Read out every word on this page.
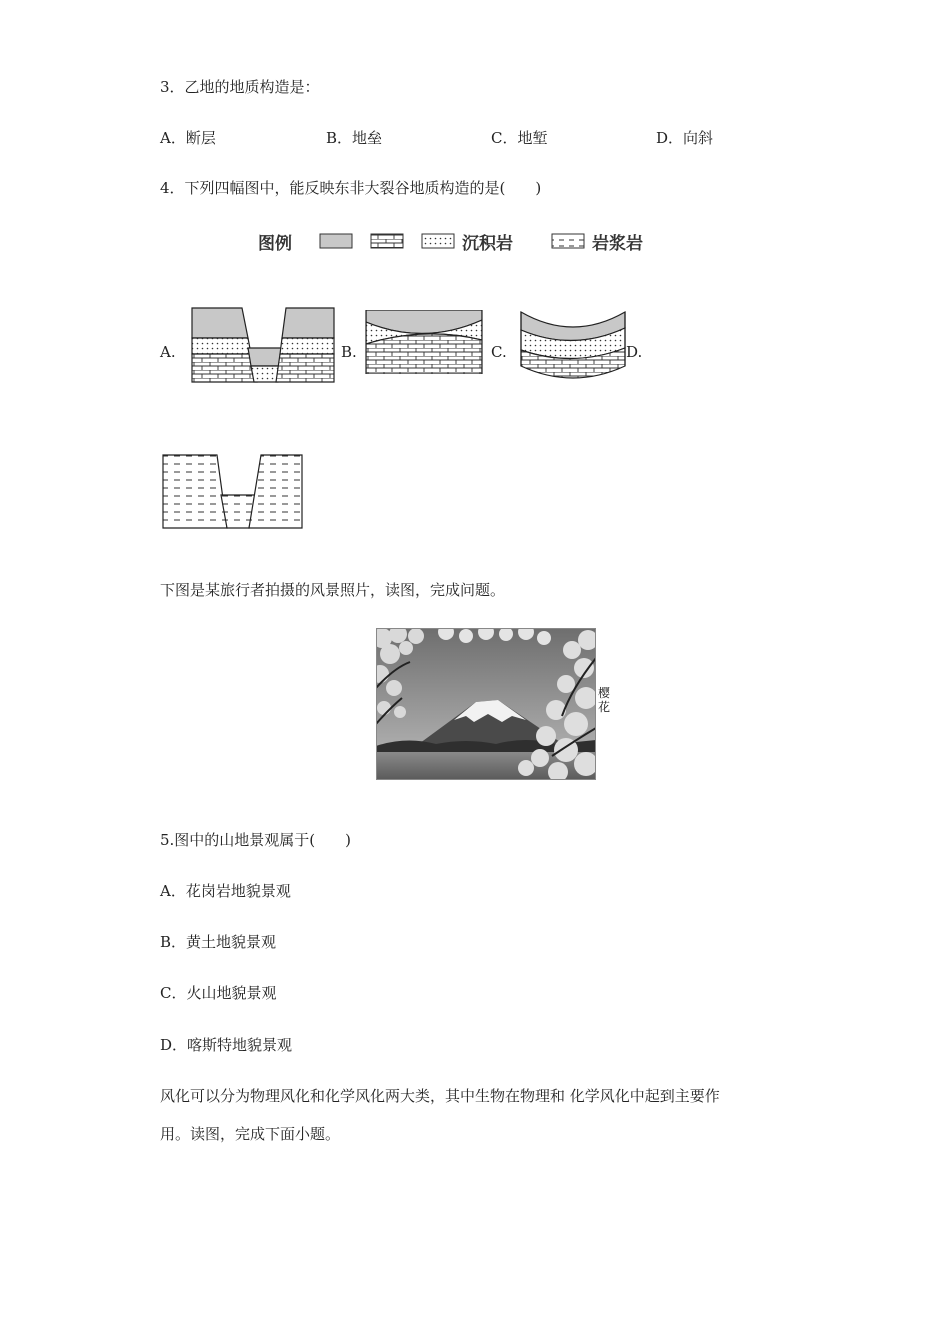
3．乙地的地质构造是：
A．断层	B．地垒	C．地堑	D．向斜
4．下列四幅图中，能反映东非大裂谷地质构造的是(　　)
图例	沉积岩	岩浆岩
A.	B.	C.	D.
下图是某旅行者拍摄的风景照片，读图，完成问题。
樱花
5.图中的山地景观属于(　　)
A．花岗岩地貌景观
B．黄土地貌景观
C．火山地貌景观
D．喀斯特地貌景观
风化可以分为物理风化和化学风化两大类，其中生物在物理和 化学风化中起到主要作
用。读图，完成下面小题。
